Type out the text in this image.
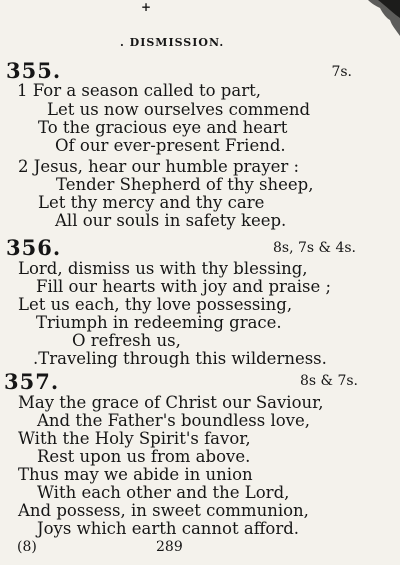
+
. DISMISSION.
355.	7s.
1 For a season called to part,
Let us now ourselves commend
To the gracious eye and heart
Of our ever-present Friend.
2 Jesus, hear our humble prayer :
Tender Shepherd of thy sheep,
Let thy mercy and thy care
All our souls in safety keep.
356.	8s, 7s & 4s.
Lord, dismiss us with thy blessing,
Fill our hearts with joy and praise ;
Let us each, thy love possessing,
Triumph in redeeming grace.
O refresh us,
.Traveling through this wilderness.
357.	8s & 7s.
May the grace of Christ our Saviour,
And the Father's boundless love,
With the Holy Spirit's favor,
Rest upon us from above.
Thus may we abide in union
With each other and the Lord,
And possess, in sweet communion,
Joys which earth cannot afford.
(8)	289
